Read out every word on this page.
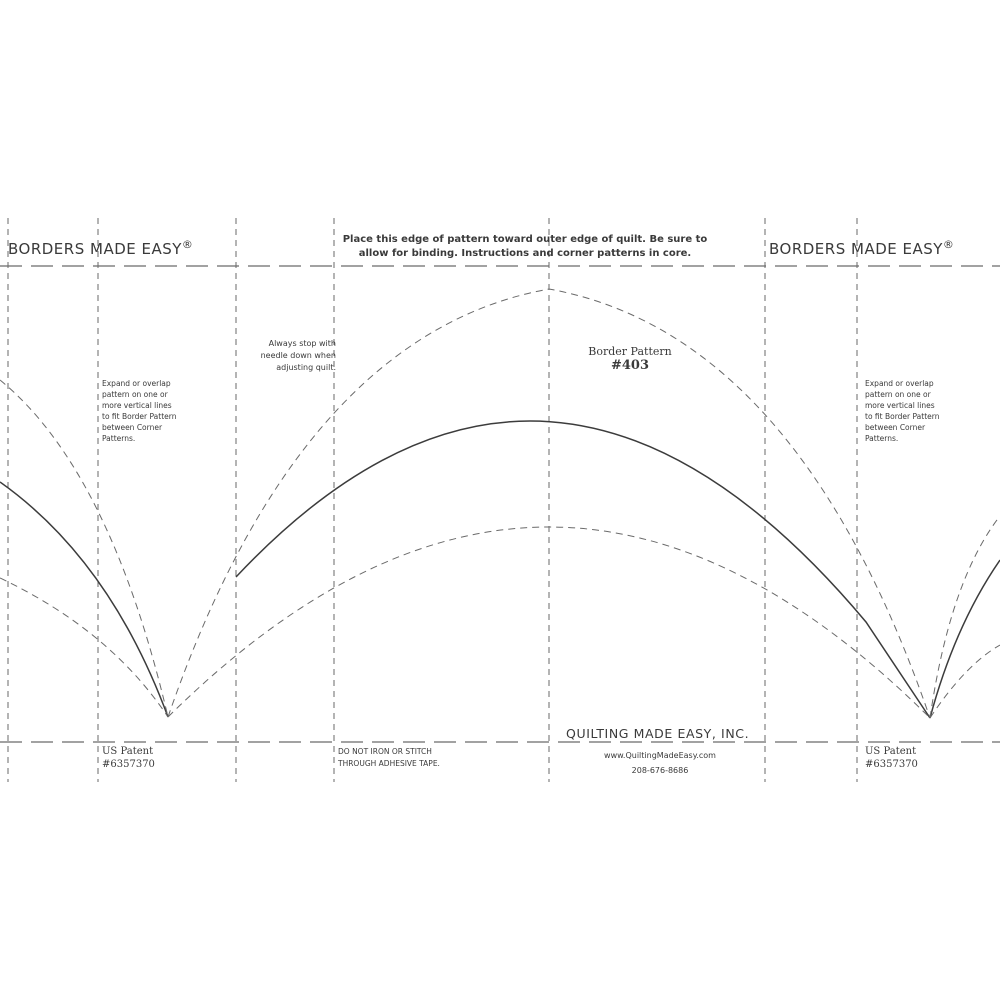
BORDERS MADE EASY®	BORDERS MADE EASY®
Place this edge of pattern toward outer edge of quilt. Be sure to
allow for binding. Instructions and corner patterns in core.
Expand or overlap
pattern on one or
more vertical lines
to fit Border Pattern
between Corner
Patterns.
Expand or overlap
pattern on one or
more vertical lines
to fit Border Pattern
between Corner
Patterns.
Always stop with
needle down when
adjusting quilt.
Border Pattern
#403
US Patent
#6357370
US Patent
#6357370
DO NOT IRON OR STITCH
THROUGH ADHESIVE TAPE.
QUILTING MADE EASY, INC.
www.QuiltingMadeEasy.com
208-676-8686
